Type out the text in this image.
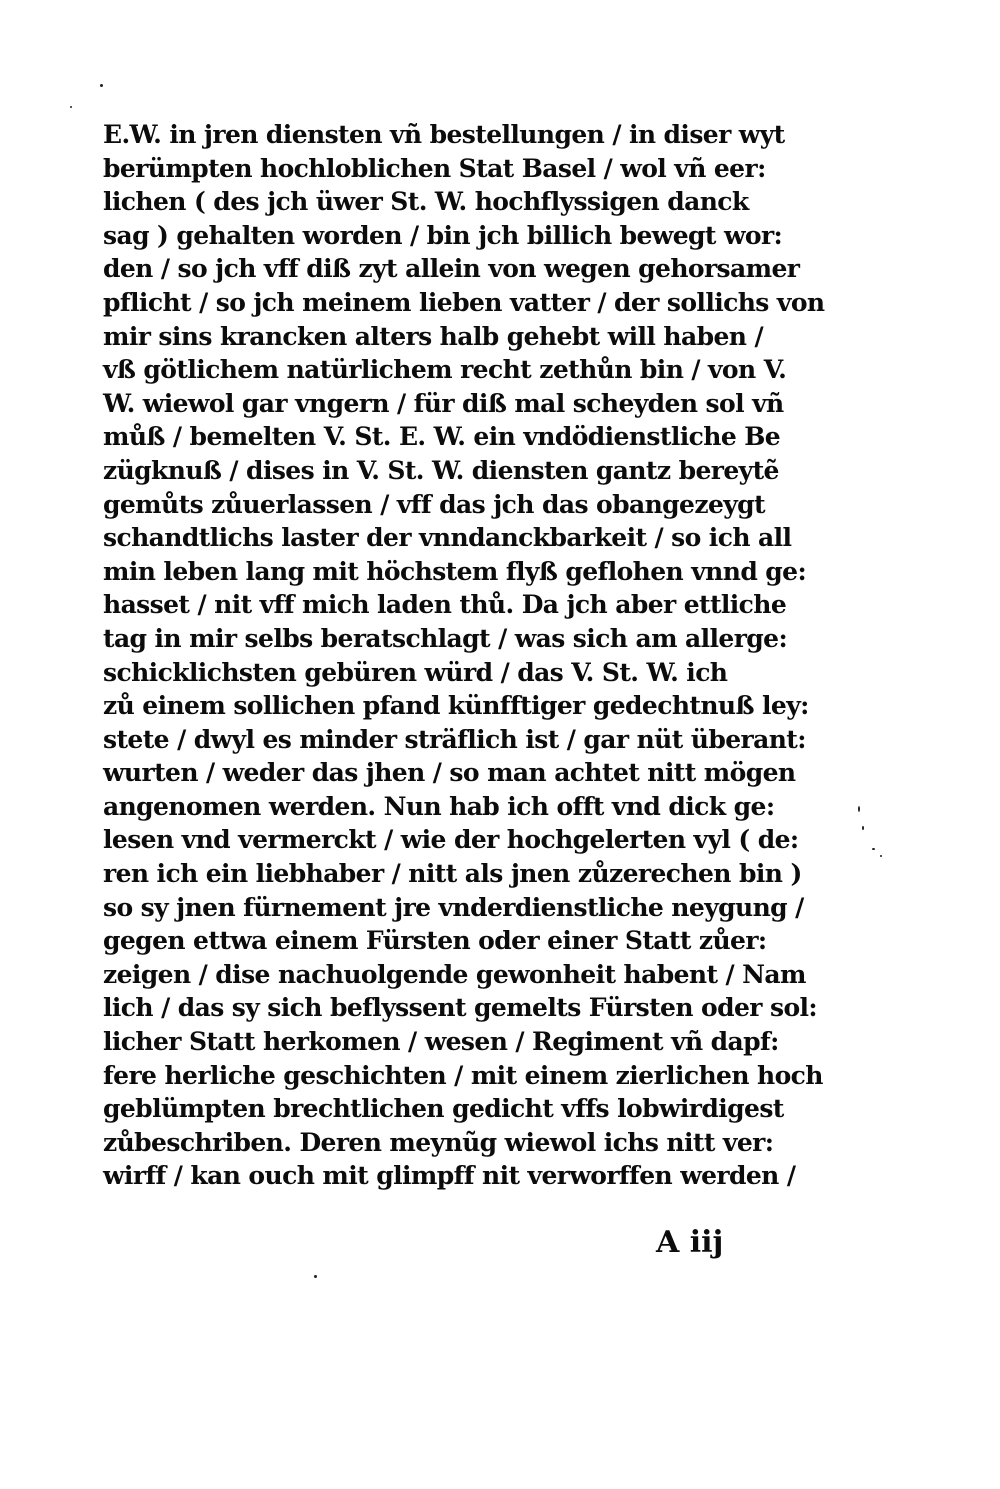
E.W. in jren diensten vñ bestellungen / in diser wyt
berümpten hochloblichen Stat Basel / wol vñ eer:
lichen ( des jch üwer St. W. hochflyssigen danck
sag ) gehalten worden / bin jch billich bewegt wor:
den / so jch vff diß zyt allein von wegen gehorsamer
pflicht / so jch meinem lieben vatter / der sollichs von
mir sins krancken alters halb gehebt will haben /
vß götlichem natürlichem recht zethůn bin / von V.
W. wiewol gar vngern / für diß mal scheyden sol vñ
můß / bemelten V. St. E. W. ein vndödienstliche Be
zügknuß / dises in V. St. W. diensten gantz bereytẽ
gemůts zůuerlassen / vff das jch das obangezeygt
schandtlichs laster der vnndanckbarkeit / so ich all
min leben lang mit höchstem flyß geflohen vnnd ge:
hasset / nit vff mich laden thů. Da jch aber ettliche
tag in mir selbs beratschlagt / was sich am allerge:
schicklichsten gebüren würd / das V. St. W. ich
zů einem sollichen pfand künfftiger gedechtnuß ley:
stete / dwyl es minder sträflich ist / gar nüt überant:
wurten / weder das jhen / so man achtet nitt mögen
angenomen werden. Nun hab ich offt vnd dick ge:
lesen vnd vermerckt / wie der hochgelerten vyl ( de:
ren ich ein liebhaber / nitt als jnen zůzerechen bin )
so sy jnen fürnement jre vnderdienstliche neygung /
gegen ettwa einem Fürsten oder einer Statt zůer:
zeigen / dise nachuolgende gewonheit habent / Nam
lich / das sy sich beflyssent gemelts Fürsten oder sol:
licher Statt herkomen / wesen / Regiment vñ dapf:
fere herliche geschichten / mit einem zierlichen hoch
geblümpten brechtlichen gedicht vffs lobwirdigest
zůbeschriben. Deren meynũg wiewol ichs nitt ver:
wirff / kan ouch mit glimpff nit verworffen werden /
A iij
